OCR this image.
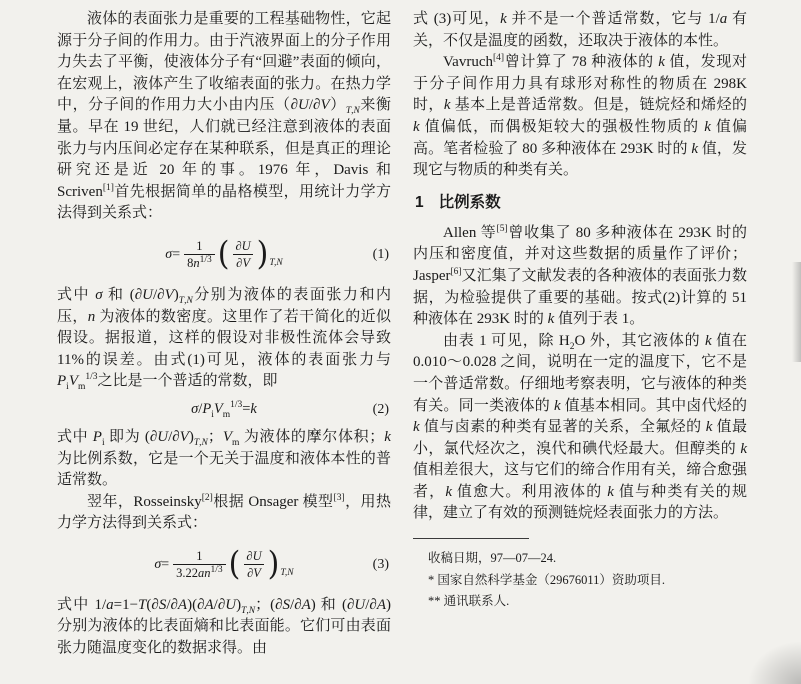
液体的表面张力是重要的工程基础物性，它起源于分子间的作用力。由于汽液界面上的分子作用力失去了平衡，使液体分子有“回避”表面的倾向，在宏观上，液体产生了收缩表面的张力。在热力学中，分子间的作用力大小由内压$(\partial U/\partial V)_{T,N}$来衡量。早在 19 世纪，人们就已经注意到液体的表面张力与内压间必定存在某种联系，但是真正的理论研究还是近 20 年的事。1976 年，Davis 和 Scriven[1]首先根据简单的晶格模型，用统计力学方法得到关系式：

$\sigma= \frac{1}{8n^{1/3}}$ ( $\frac{\partial U}{\partial V}$ ) T,N
(1)

式中 σ 和 $(\partial U/\partial V)_{T,N}$分别为液体的表面张力和内压，n 为液体的数密度。这里作了若干简化的近似假设。据报道，这样的假设对非极性流体会导致 11%的误差。由式(1)可见，液体的表面张力与 $P_iV_m^{1/3}$之比是一个普适的常数，即

$\sigma/P_iV_m^{1/3}=k$	(2)

式中 $P_i$ 即为 $(\partial U/\partial V)_{T,N}$；$V_m$ 为液体的摩尔体积；k 为比例系数，它是一个无关于温度和液体本性的普适常数。

翌年，Rosseinsky[2]根据 Onsager 模型[3]，用热力学方法得到关系式：

$\sigma= \frac{1}{3.22an^{1/3}}$ ( $\frac{\partial U}{\partial V}$ ) T,N
(3)

式中 $1/a=1-T(\partial S/\partial A)(\partial A/\partial U)_{T,N}$；(∂S/∂A) 和 (∂U/∂A) 分别为液体的比表面熵和比表面能。它们可由表面张力随温度变化的数据求得。由

式 (3)可见，k 并不是一个普适常数，它与 1/a 有关，不仅是温度的函数，还取决于液体的本性。

Vavruch[4]曾计算了 78 种液体的 k 值，发现对于分子间作用力具有球形对称性的物质在 298K 时，k 基本上是普适常数。但是，链烷烃和烯烃的 k 值偏低，而偶极矩较大的强极性物质的 k 值偏高。笔者检验了 80 多种液体在 293K 时的 k 值，发现它与物质的种类有关。

1 比例系数

Allen 等[5]曾收集了 80 多种液体在 293K 时的内压和密度值，并对这些数据的质量作了评价；Jasper[6]又汇集了文献发表的各种液体的表面张力数据，为检验提供了重要的基础。按式(2)计算的 51 种液体在 293K 时的 k 值列于表 1。

由表 1 可见，除 $H_2O$ 外，其它液体的 k 值在 0.010～0.028 之间，说明在一定的温度下，它不是一个普适常数。仔细地考察表明，它与液体的种类有关。同一类液体的 k 值基本相同。其中卤代烃的 k 值与卤素的种类有显著的关系，全氟烃的 k 值最小，氯代烃次之，溴代和碘代烃最大。但醇类的 k 值相差很大，这与它们的缔合作用有关，缔合愈强者，k 值愈大。利用液体的 k 值与种类有关的规律，建立了有效的预测链烷烃表面张力的方法。

收稿日期，97—07—24.
* 国家自然科学基金（29676011）资助项目.
** 通讯联系人.
